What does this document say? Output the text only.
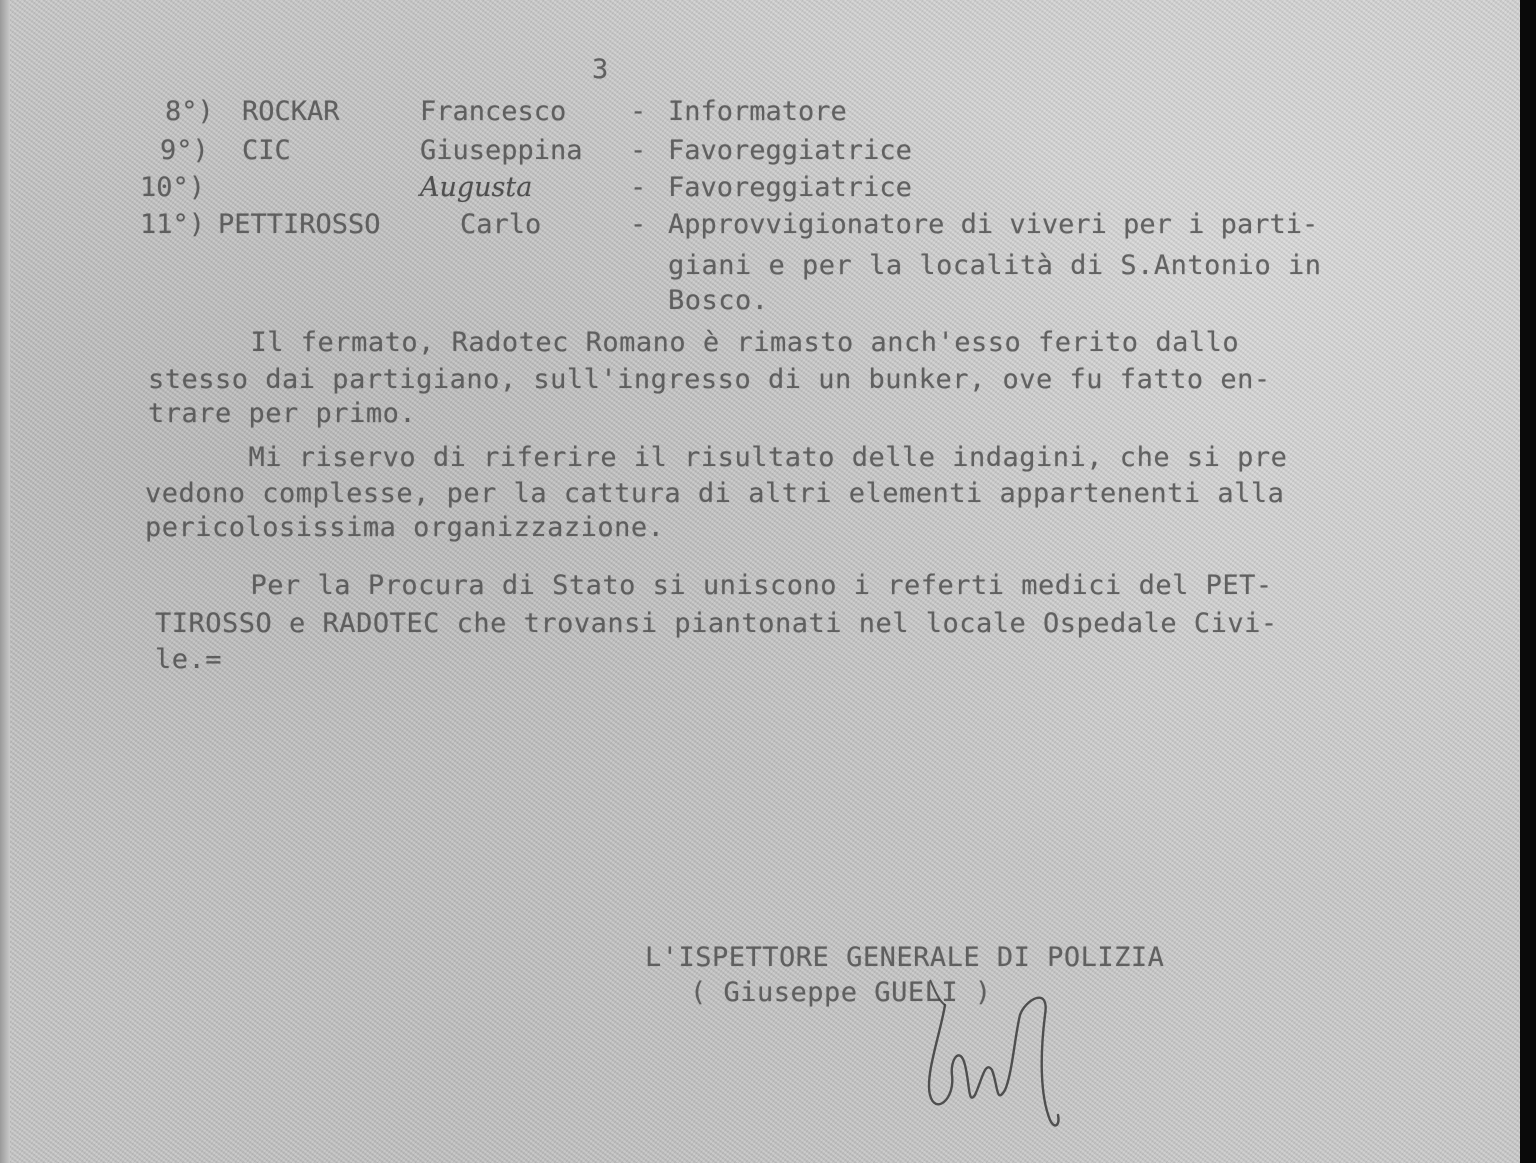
3
8°) ROCKAR	Francesco - Informatore
9°) CIC	Giuseppina - Favoreggiatrice
10°)	Augusta	- Favoreggiatrice
11°) PETTIROSSO	Carlo	- Approvvigionatore di viveri per i parti-
giani e per la località di S.Antonio in
Bosco.
Il fermato, Radotec Romano è rimasto anch'esso ferito dallo
stesso dai partigiano, sull'ingresso di un bunker, ove fu fatto en-
trare per primo.
Mi riservo di riferire il risultato delle indagini, che si pre
vedono complesse, per la cattura di altri elementi appartenenti alla
pericolosissima organizzazione.
Per la Procura di Stato si uniscono i referti medici del PET-
TIROSSO e RADOTEC che trovansi piantonati nel locale Ospedale Civi-
le.=
L'ISPETTORE GENERALE DI POLIZIA
( Giuseppe GUELI )
